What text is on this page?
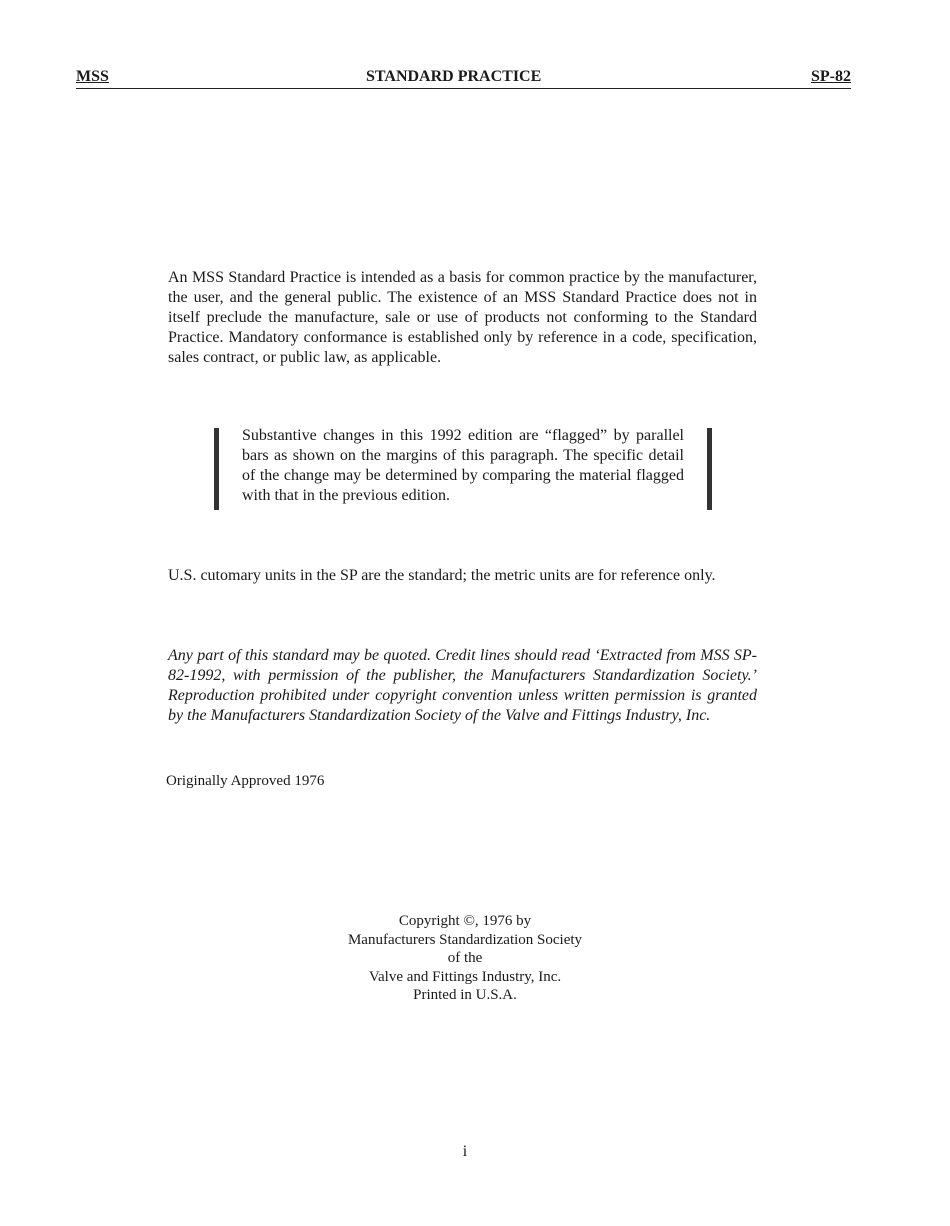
MSS	STANDARD PRACTICE	SP-82

An MSS Standard Practice is intended as a basis for common practice by the manufacturer, the user, and the general public. The existence of an MSS Standard Practice does not in itself preclude the manufacture, sale or use of products not conforming to the Standard Practice. Mandatory conformance is established only by reference in a code, specification, sales contract, or public law, as applicable.

Substantive changes in this 1992 edition are “flagged” by parallel bars as shown on the margins of this paragraph. The specific detail of the change may be determined by comparing the material flagged with that in the previous edition.

U.S. cutomary units in the SP are the standard; the metric units are for reference only.

Any part of this standard may be quoted. Credit lines should read ‘Extracted from MSS SP-82-1992, with permission of the publisher, the Manufacturers Standardization Society.’ Reproduction prohibited under copyright convention unless written permission is granted by the Manufacturers Standardization Society of the Valve and Fittings Industry, Inc.

Originally Approved 1976
Copyright ©, 1976 by
Manufacturers Standardization Society
of the
Valve and Fittings Industry, Inc.
Printed in U.S.A.
i
